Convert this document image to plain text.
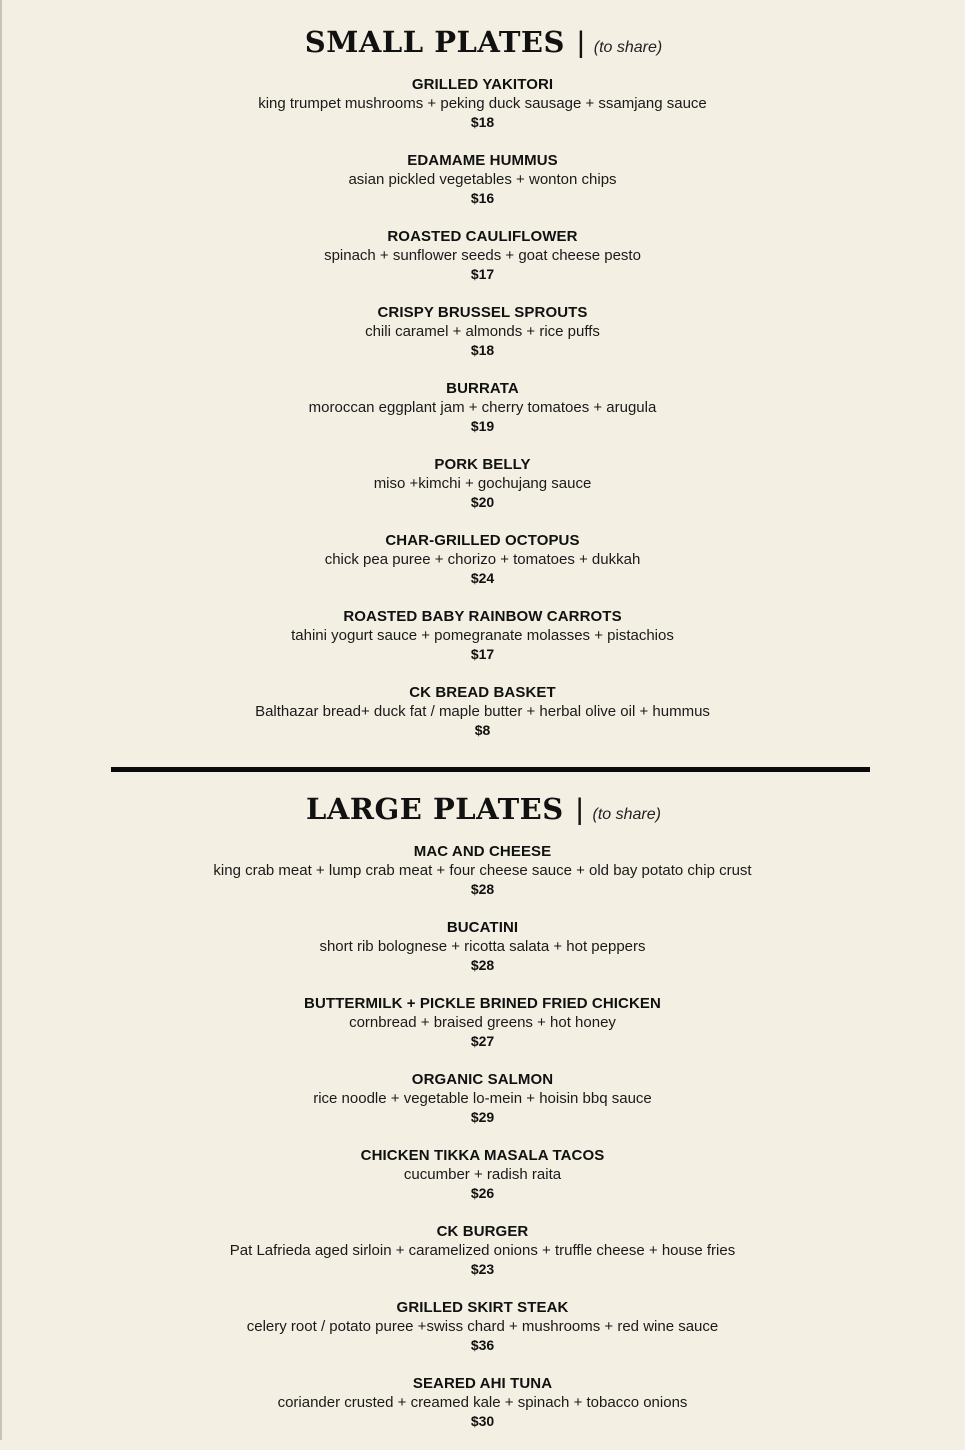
SMALL PLATES | (to share)
GRILLED YAKITORI
king trumpet mushrooms + peking duck sausage + ssamjang sauce
$18
EDAMAME HUMMUS
asian pickled vegetables + wonton chips
$16
ROASTED CAULIFLOWER
spinach + sunflower seeds + goat cheese pesto
$17
CRISPY BRUSSEL SPROUTS
chili caramel + almonds + rice puffs
$18
BURRATA
moroccan eggplant jam + cherry tomatoes + arugula
$19
PORK BELLY
miso +kimchi + gochujang sauce
$20
CHAR-GRILLED OCTOPUS
chick pea puree + chorizo + tomatoes + dukkah
$24
ROASTED BABY RAINBOW CARROTS
tahini yogurt sauce + pomegranate molasses + pistachios
$17
CK BREAD BASKET
Balthazar bread+ duck fat / maple butter + herbal olive oil + hummus
$8
LARGE PLATES | (to share)
MAC AND CHEESE
king crab meat + lump crab meat + four cheese sauce + old bay potato chip crust
$28
BUCATINI
short rib bolognese + ricotta salata + hot peppers
$28
BUTTERMILK + PICKLE BRINED FRIED CHICKEN
cornbread + braised greens + hot honey
$27
ORGANIC SALMON
rice noodle + vegetable lo-mein + hoisin bbq sauce
$29
CHICKEN TIKKA MASALA TACOS
cucumber + radish raita
$26
CK BURGER
Pat Lafrieda aged sirloin + caramelized onions + truffle cheese + house fries
$23
GRILLED SKIRT STEAK
celery root / potato puree +swiss chard + mushrooms + red wine sauce
$36
SEARED AHI TUNA
coriander crusted + creamed kale + spinach + tobacco onions
$30
